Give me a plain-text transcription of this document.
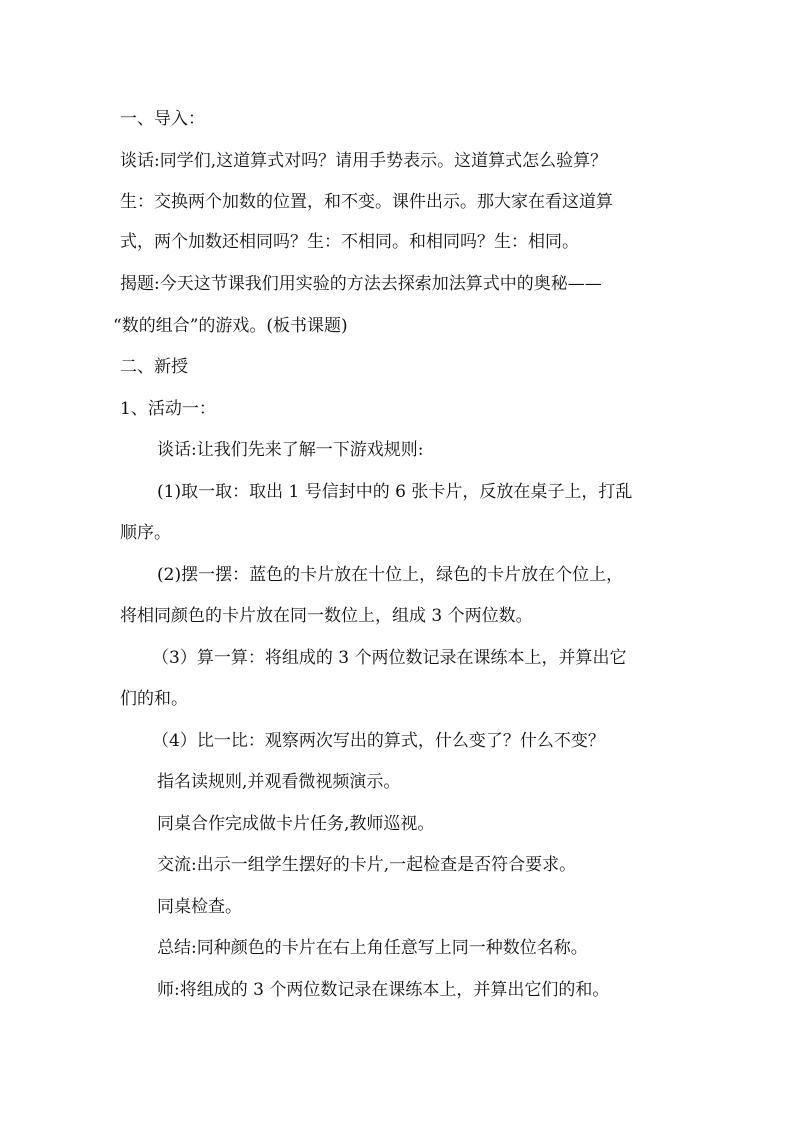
一、导入：
谈话:同学们,这道算式对吗？请用手势表示。这道算式怎么验算？
生：交换两个加数的位置，和不变。课件出示。那大家在看这道算
式，两个加数还相同吗？生：不相同。和相同吗？生：相同。
揭题:今天这节课我们用实验的方法去探索加法算式中的奥秘——
“数的组合”的游戏。(板书课题)
二、新授
1、活动一：
谈话:让我们先来了解一下游戏规则:
(1)取一取：取出 1 号信封中的 6 张卡片，反放在桌子上，打乱
顺序。
(2)摆一摆：蓝色的卡片放在十位上，绿色的卡片放在个位上，
将相同颜色的卡片放在同一数位上，组成 3 个两位数。
（3）算一算：将组成的 3 个两位数记录在课练本上，并算出它
们的和。
（4）比一比：观察两次写出的算式，什么变了？什么不变？
指名读规则,并观看微视频演示。
同桌合作完成做卡片任务,教师巡视。
交流:出示一组学生摆好的卡片,一起检查是否符合要求。
同桌检查。
总结:同种颜色的卡片在右上角任意写上同一种数位名称。
师:将组成的 3 个两位数记录在课练本上，并算出它们的和。
